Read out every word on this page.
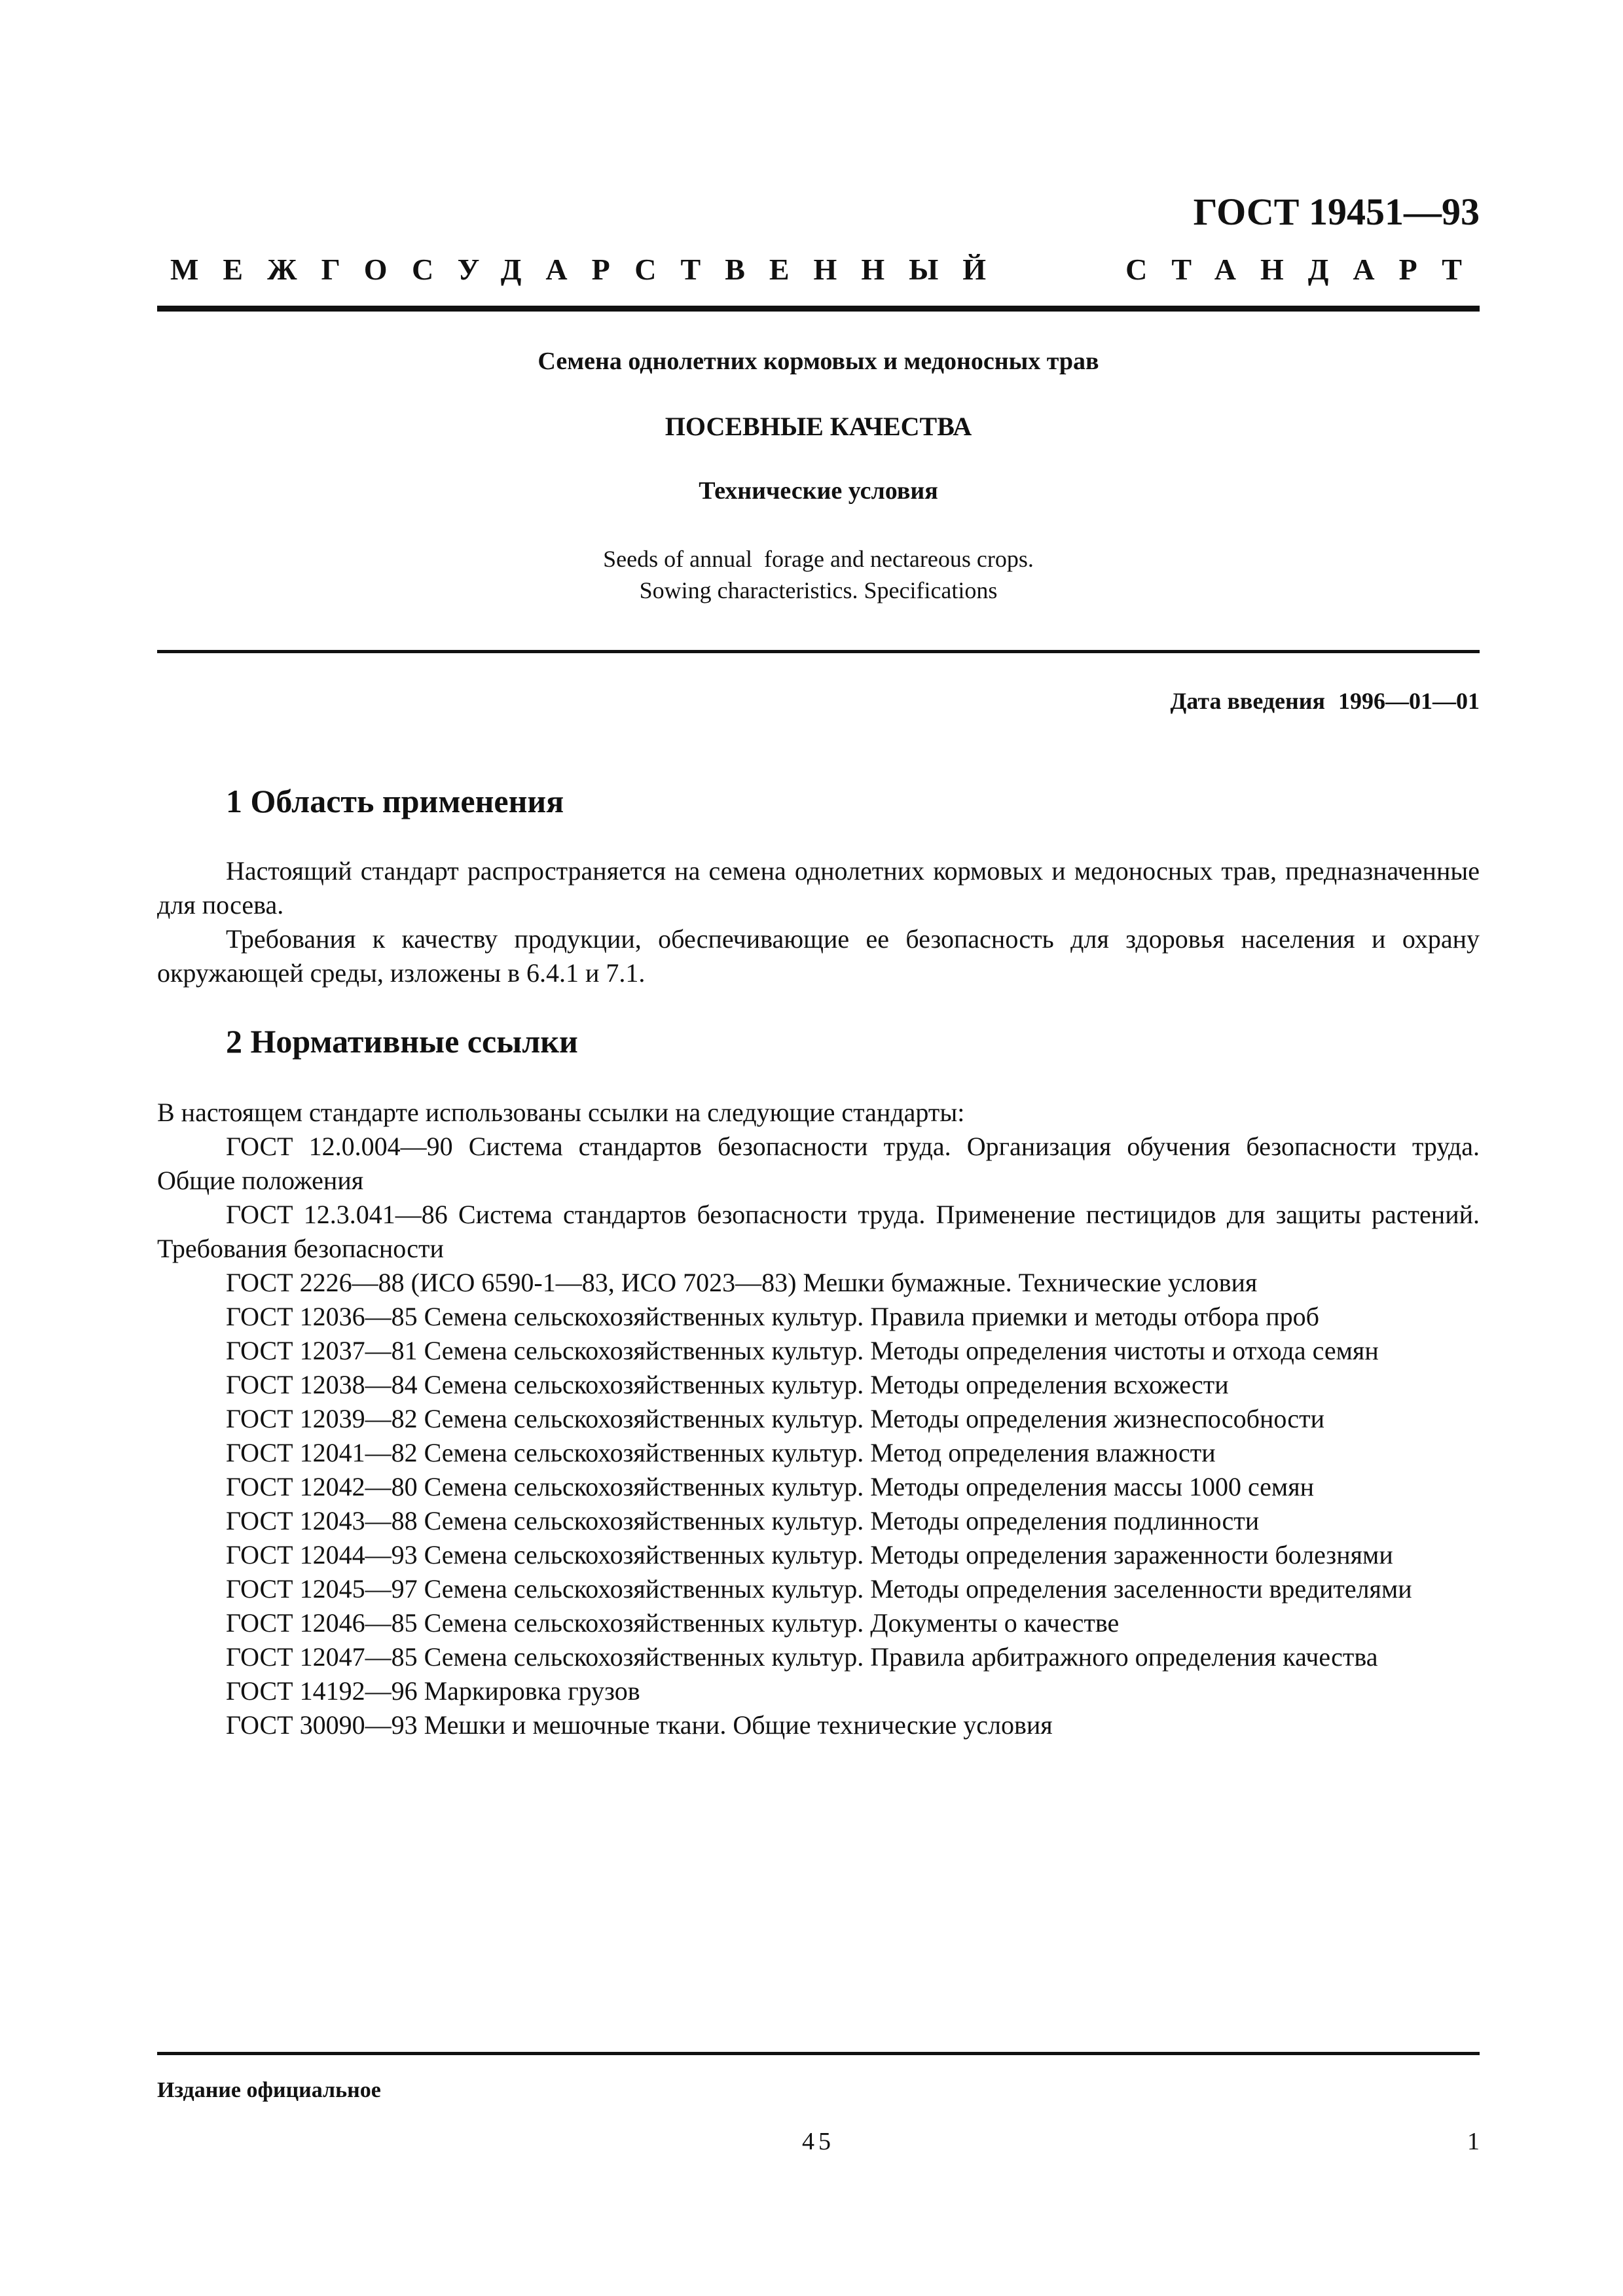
ГОСТ 19451—93
МЕЖГОСУДАРСТВЕННЫЙ	СТАНДАРТ
Семена однолетних кормовых и медоносных трав
ПОСЕВНЫЕ КАЧЕСТВА
Технические условия
Seeds of annual  forage and nectareous crops.
Sowing characteristics. Specifications
Дата введения 1996—01—01
1 Область применения

Настоящий стандарт распространяется на семена однолетних кормовых и медоносных трав, предназначенные для посева.

Требования к качеству продукции, обеспечивающие ее безопасность для здоровья населения и охрану окружающей среды, изложены в 6.4.1 и 7.1.

2 Нормативные ссылки
В настоящем стандарте использованы ссылки на следующие стандарты:

ГОСТ 12.0.004—90 Система стандартов безопасности труда. Организация обучения безопасности труда. Общие положения

ГОСТ 12.3.041—86 Система стандартов безопасности труда. Применение пестицидов для защиты растений. Требования безопасности

ГОСТ 2226—88 (ИСО 6590-1—83, ИСО 7023—83) Мешки бумажные. Технические условия

ГОСТ 12036—85 Семена сельскохозяйственных культур. Правила приемки и методы отбора проб

ГОСТ 12037—81 Семена сельскохозяйственных культур. Методы определения чистоты и отхода семян

ГОСТ 12038—84 Семена сельскохозяйственных культур. Методы определения всхожести

ГОСТ 12039—82 Семена сельскохозяйственных культур. Методы определения жизнеспособности

ГОСТ 12041—82 Семена сельскохозяйственных культур. Метод определения влажности

ГОСТ 12042—80 Семена сельскохозяйственных культур. Методы определения массы 1000 семян

ГОСТ 12043—88 Семена сельскохозяйственных культур. Методы определения подлинности

ГОСТ 12044—93 Семена сельскохозяйственных культур. Методы определения зараженности болезнями

ГОСТ 12045—97 Семена сельскохозяйственных культур. Методы определения заселенности вредителями

ГОСТ 12046—85 Семена сельскохозяйственных культур. Документы о качестве

ГОСТ 12047—85 Семена сельскохозяйственных культур. Правила арбитражного определения качества

ГОСТ 14192—96 Маркировка грузов

ГОСТ 30090—93 Мешки и мешочные ткани. Общие технические условия

Издание официальное
45	1
